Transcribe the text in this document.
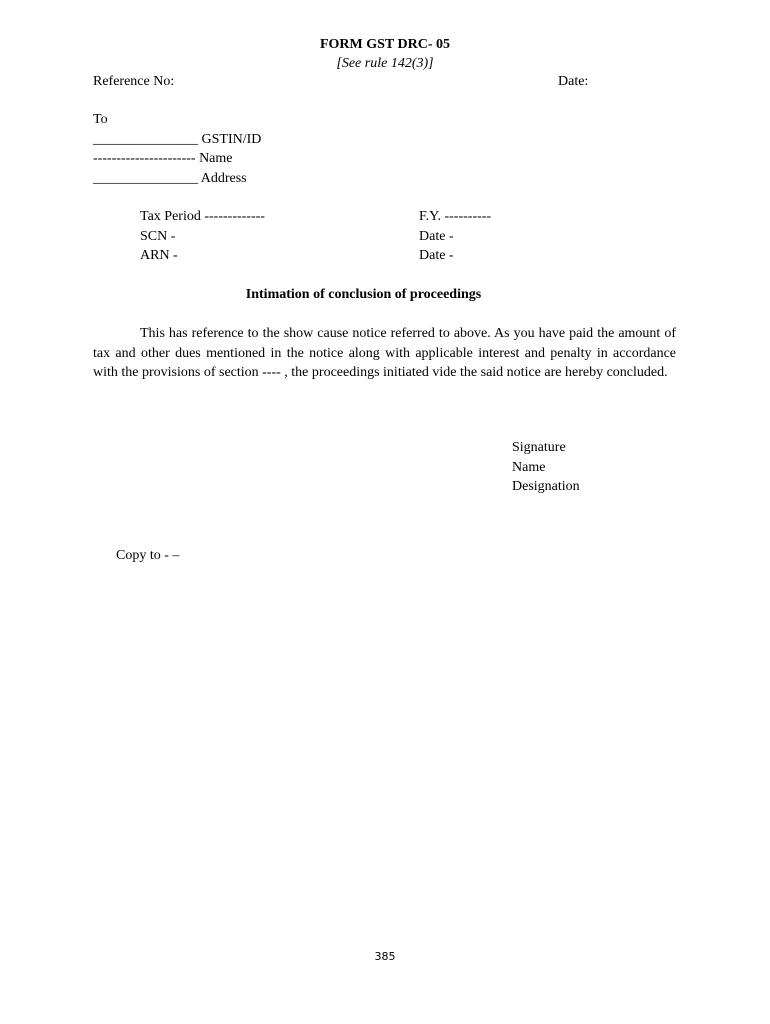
FORM GST DRC- 05
[See rule 142(3)]
Reference No:	Date:
To
_______________ GSTIN/ID
---------------------- Name
_______________ Address
Tax Period -------------	F.Y. ----------
SCN -	Date -
ARN -	Date -
Intimation of conclusion of proceedings
This has reference to the show cause notice referred to above. As you have paid the amount of tax and other dues mentioned in the notice along with applicable interest and penalty in accordance with the provisions of section ---- , the proceedings initiated vide the said notice are hereby concluded.
Signature
Name
Designation
Copy to - –
385
